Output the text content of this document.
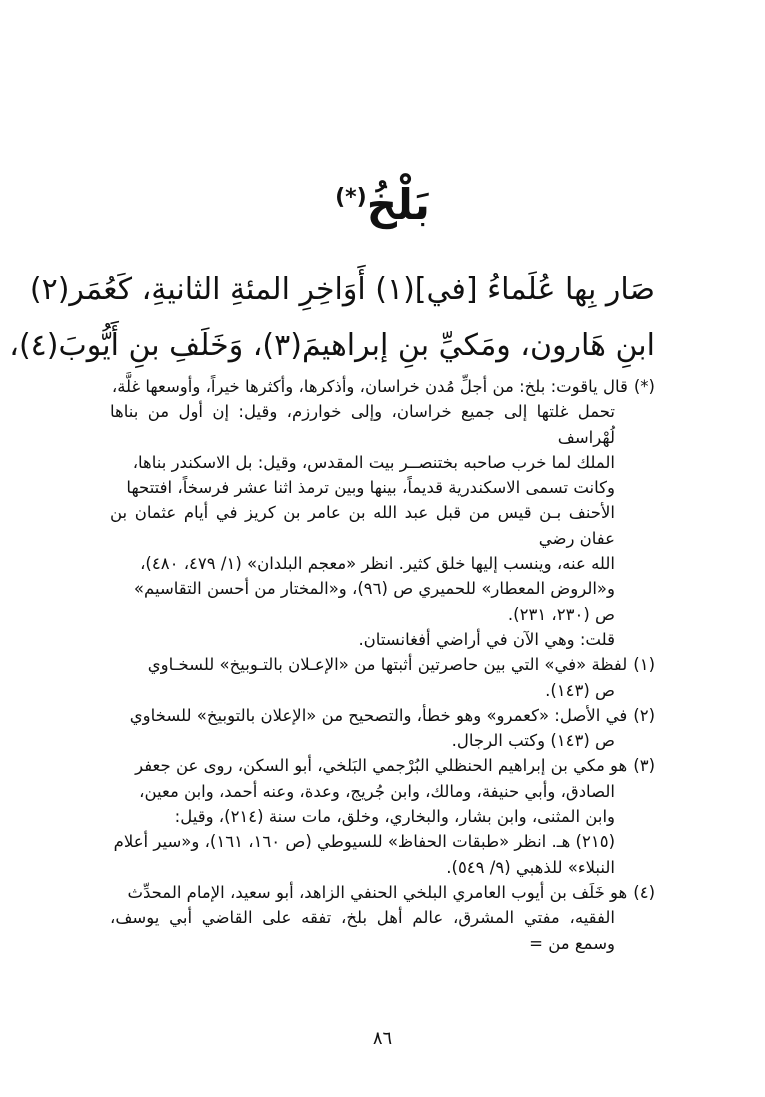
بَلْخُ(*)
صَار بِها عُلَماءُ [في](١) أَوَاخِرِ المئةِ الثانيةِ، كَعُمَر(٢)
ابنِ هَارون، ومَكيِّ بنِ إبراهيمَ(٣)، وَخَلَفِ بنِ أَيُّوبَ(٤)،
(*)قال ياقوت: بلخ: من أجلِّ مُدن خراسان، وأذكرها، وأكثرها خيراً، وأوسعها غلَّة،
تحمل غلتها إلى جميع خراسان، وإلى خوارزم، وقيل: إن أول من بناها لُهْراسف
الملك لما خرب صاحبه بختنصــر بيت المقدس، وقيل: بل الاسكندر بناها،
وكانت تسمى الاسكندرية قديماً، بينها وبين ترمذ اثنا عشر فرسخاً، افتتحها
الأحنف بـن قيس من قبل عبد الله بن عامر بن كريز في أيام عثمان بن عفان رضي
الله عنه، وينسب إليها خلق كثير. انظر «معجم البلدان» (١/ ٤٧٩، ٤٨٠)،
و«الروض المعطار» للحميري ص (٩٦)، و«المختار من أحسن التقاسيم»
ص (٢٣٠، ٢٣١).
قلت: وهي الآن في أراضي أفغانستان.
(١)لفظة «في» التي بين حاصرتين أثبتها من «الإعـلان بالتـوبيخ» للسخـاوي
ص (١٤٣).
(٢)في الأصل: «كعمرو» وهو خطأ، والتصحيح من «الإعلان بالتوبيخ» للسخاوي
ص (١٤٣) وكتب الرجال.
(٣)هو مكي بن إبراهيم الحنظلي البُرْجمي البَلخي، أبو السكن، روى عن جعفر
الصادق، وأبي حنيفة، ومالك، وابن جُريج، وعدة، وعنه أحمد، وابن معين،
وابن المثنى، وابن بشار، والبخاري، وخلق، مات سنة (٢١٤)، وقيل:
(٢١٥) هـ. انظر «طبقات الحفاظ» للسيوطي (ص ١٦٠، ١٦١)، و«سير أعلام
النبلاء» للذهبي (٩/ ٥٤٩).
(٤)هو خَلَف بن أيوب العامري البلخي الحنفي الزاهد، أبو سعيد، الإمام المحدِّث
الفقيه، مفتي المشرق، عالم أهل بلخ، تفقه على القاضي أبي يوسف، وسمع من =
٨٦
